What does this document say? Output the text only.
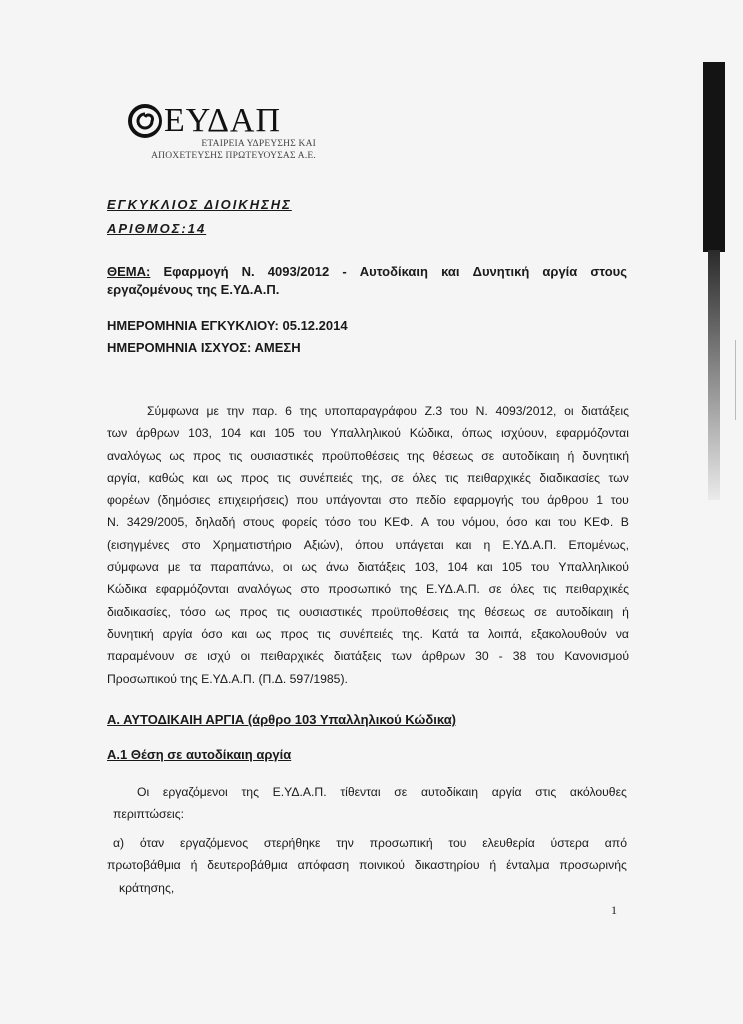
ΕΥΔΑΠ
ΕΤΑΙΡΕΙΑ ΥΔΡΕΥΣΗΣ ΚΑΙ
ΑΠΟΧΕΤΕΥΣΗΣ ΠΡΩΤΕΥΟΥΣΑΣ Α.Ε.
ΕΓΚΥΚΛΙΟΣ ΔΙΟΙΚΗΣΗΣ
ΑΡΙΘΜΟΣ:14
ΘΕΜΑ: Εφαρμογή Ν. 4093/2012 - Αυτοδίκαιη και Δυνητική αργία στους
εργαζομένους της Ε.ΥΔ.Α.Π.
ΗΜΕΡΟΜΗΝΙΑ ΕΓΚΥΚΛΙΟΥ: 05.12.2014
ΗΜΕΡΟΜΗΝΙΑ ΙΣΧΥΟΣ: ΑΜΕΣΗ
Σύμφωνα με την παρ. 6 της υποπαραγράφου Ζ.3 του Ν. 4093/2012, οι διατάξεις
των άρθρων 103, 104 και 105 του Υπαλληλικού Κώδικα, όπως ισχύουν, εφαρμόζονται
αναλόγως ως προς τις ουσιαστικές προϋποθέσεις της θέσεως σε αυτοδίκαιη ή δυνητική
αργία, καθώς και ως προς τις συνέπειές της, σε όλες τις πειθαρχικές διαδικασίες των
φορέων (δημόσιες επιχειρήσεις) που υπάγονται στο πεδίο εφαρμογής του άρθρου 1 του
Ν. 3429/2005, δηλαδή στους φορείς τόσο του ΚΕΦ. Α του νόμου, όσο και του ΚΕΦ. Β
(εισηγμένες στο Χρηματιστήριο Αξιών), όπου υπάγεται και η Ε.ΥΔ.Α.Π. Επομένως,
σύμφωνα με τα παραπάνω, οι ως άνω διατάξεις 103, 104 και 105 του Υπαλληλικού
Κώδικα εφαρμόζονται αναλόγως στο προσωπικό της Ε.ΥΔ.Α.Π. σε όλες τις πειθαρχικές
διαδικασίες, τόσο ως προς τις ουσιαστικές προϋποθέσεις της θέσεως σε αυτοδίκαιη ή
δυνητική αργία όσο και ως προς τις συνέπειές της. Κατά τα λοιπά, εξακολουθούν να
παραμένουν σε ισχύ οι πειθαρχικές διατάξεις των άρθρων 30 - 38 του Κανονισμού
Προσωπικού της Ε.ΥΔ.Α.Π. (Π.Δ. 597/1985).
Α. ΑΥΤΟΔΙΚΑΙΗ ΑΡΓΙΑ (άρθρο 103 Υπαλληλικού Κώδικα)
Α.1 Θέση σε αυτοδίκαιη αργία
Οι εργαζόμενοι της Ε.ΥΔ.Α.Π. τίθενται σε αυτοδίκαιη αργία στις ακόλουθες
περιπτώσεις:
α) όταν εργαζόμενος στερήθηκε την προσωπική του ελευθερία ύστερα από
πρωτοβάθμια ή δευτεροβάθμια απόφαση ποινικού δικαστηρίου ή ένταλμα προσωρινής
κράτησης,
1
